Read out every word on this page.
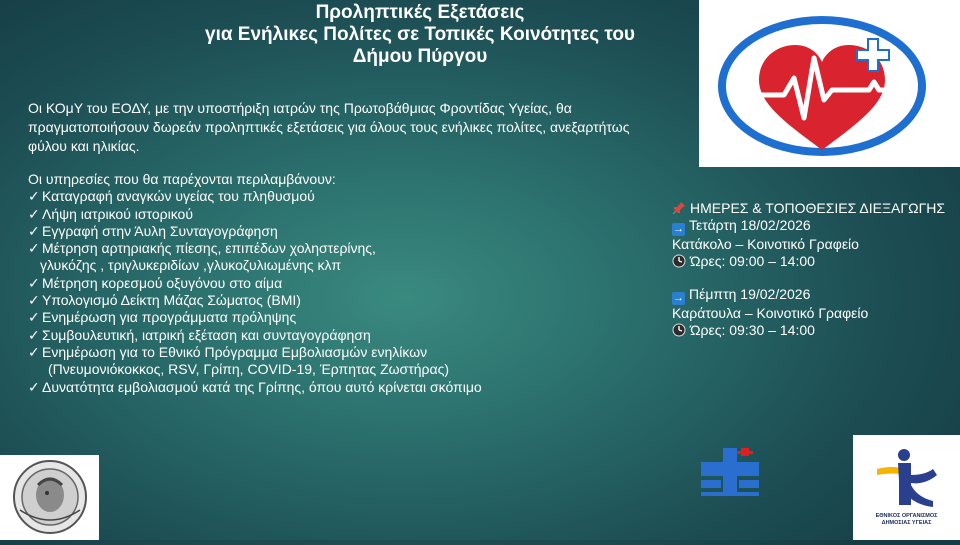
Προληπτικές Εξετάσεις
για Ενήλικες Πολίτες σε Τοπικές Κοινότητες του
Δήμου Πύργου
Οι ΚΟμΥ του ΕΟΔΥ, με την υποστήριξη ιατρών της Πρωτοβάθμιας Φροντίδας Υγείας, θα πραγματοποιήσουν δωρεάν προληπτικές εξετάσεις για όλους τους ενήλικες πολίτες, ανεξαρτήτως φύλου και ηλικίας.
Οι υπηρεσίες που θα παρέχονται περιλαμβάνουν:
✓ Καταγραφή αναγκών υγείας του πληθυσμού
✓ Λήψη ιατρικού ιστορικού
✓ Εγγραφή στην Άυλη Συνταγογράφηση
✓ Μέτρηση αρτηριακής πίεσης, επιπέδων χοληστερίνης,
γλυκόζης , τριγλυκεριδίων ,γλυκοζυλιωμένης κλπ
✓ Μέτρηση κορεσμού οξυγόνου στο αίμα
✓ Υπολογισμό Δείκτη Μάζας Σώματος (BMI)
✓ Ενημέρωση για προγράμματα πρόληψης
✓ Συμβουλευτική, ιατρική εξέταση και συνταγογράφηση
✓ Ενημέρωση για το Εθνικό Πρόγραμμα Εμβολιασμών ενηλίκων
(Πνευμονιόκοκκος, RSV, Γρίπη, COVID-19, Έρπητας Ζωστήρας)
✓ Δυνατότητα εμβολιασμού κατά της Γρίπης, όπου αυτό κρίνεται σκόπιμο
ΗΜΕΡΕΣ & ΤΟΠΟΘΕΣΙΕΣ ΔΙΕΞΑΓΩΓΗΣ
→ Τετάρτη 18/02/2026
Κατάκολο – Κοινοτικό Γραφείο
Ώρες: 09:00 – 14:00
→ Πέμπτη 19/02/2026
Καράτουλα – Κοινοτικό Γραφείο
Ώρες: 09:30 – 14:00
ΕΘΝΙΚΟΣ ΟΡΓΑΝΙΣΜΟΣ
ΔΗΜΟΣΙΑΣ ΥΓΕΙΑΣ
